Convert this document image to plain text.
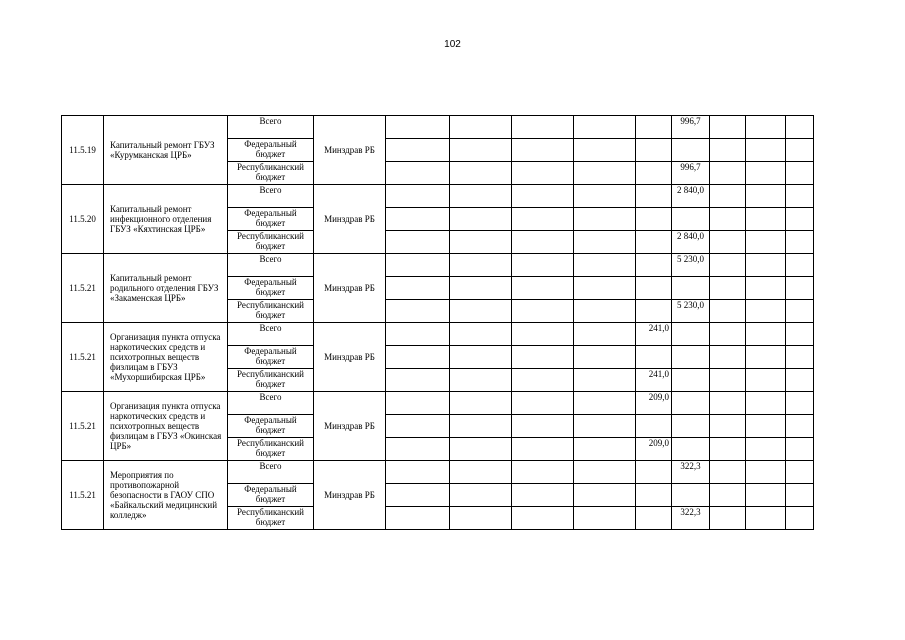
102
11.5.19	Капитальный ремонт ГБУЗ «Курумканская ЦРБ»	Всего	Минздрав РБ						996,7			
		Федеральный бюджет										
		Республиканский бюджет							996,7			
11.5.20	Капитальный ремонт инфекционного отделения ГБУЗ «Кяхтинская ЦРБ»	Всего	Минздрав РБ						2 840,0			
		Федеральный бюджет										
		Республиканский бюджет							2 840,0			
11.5.21	Капитальный ремонт родильного отделения ГБУЗ «Закаменская ЦРБ»	Всего	Минздрав РБ						5 230,0			
		Федеральный бюджет										
		Республиканский бюджет							5 230,0			
11.5.21	Организация пункта отпуска наркотических средств и психотропных веществ физлицам в ГБУЗ «Мухоршибирская ЦРБ»	Всего	Минздрав РБ					241,0				
		Федеральный бюджет										
		Республиканский бюджет						241,0				
11.5.21	Организация пункта отпуска наркотических средств и психотропных веществ физлицам в ГБУЗ «Окинская ЦРБ»	Всего	Минздрав РБ					209,0				
		Федеральный бюджет										
		Республиканский бюджет						209,0				
11.5.21	Мероприятия по противопожарной безопасности в ГАОУ СПО «Байкальский медицинский колледж»	Всего	Минздрав РБ						322,3			
		Федеральный бюджет										
		Республиканский бюджет							322,3			
